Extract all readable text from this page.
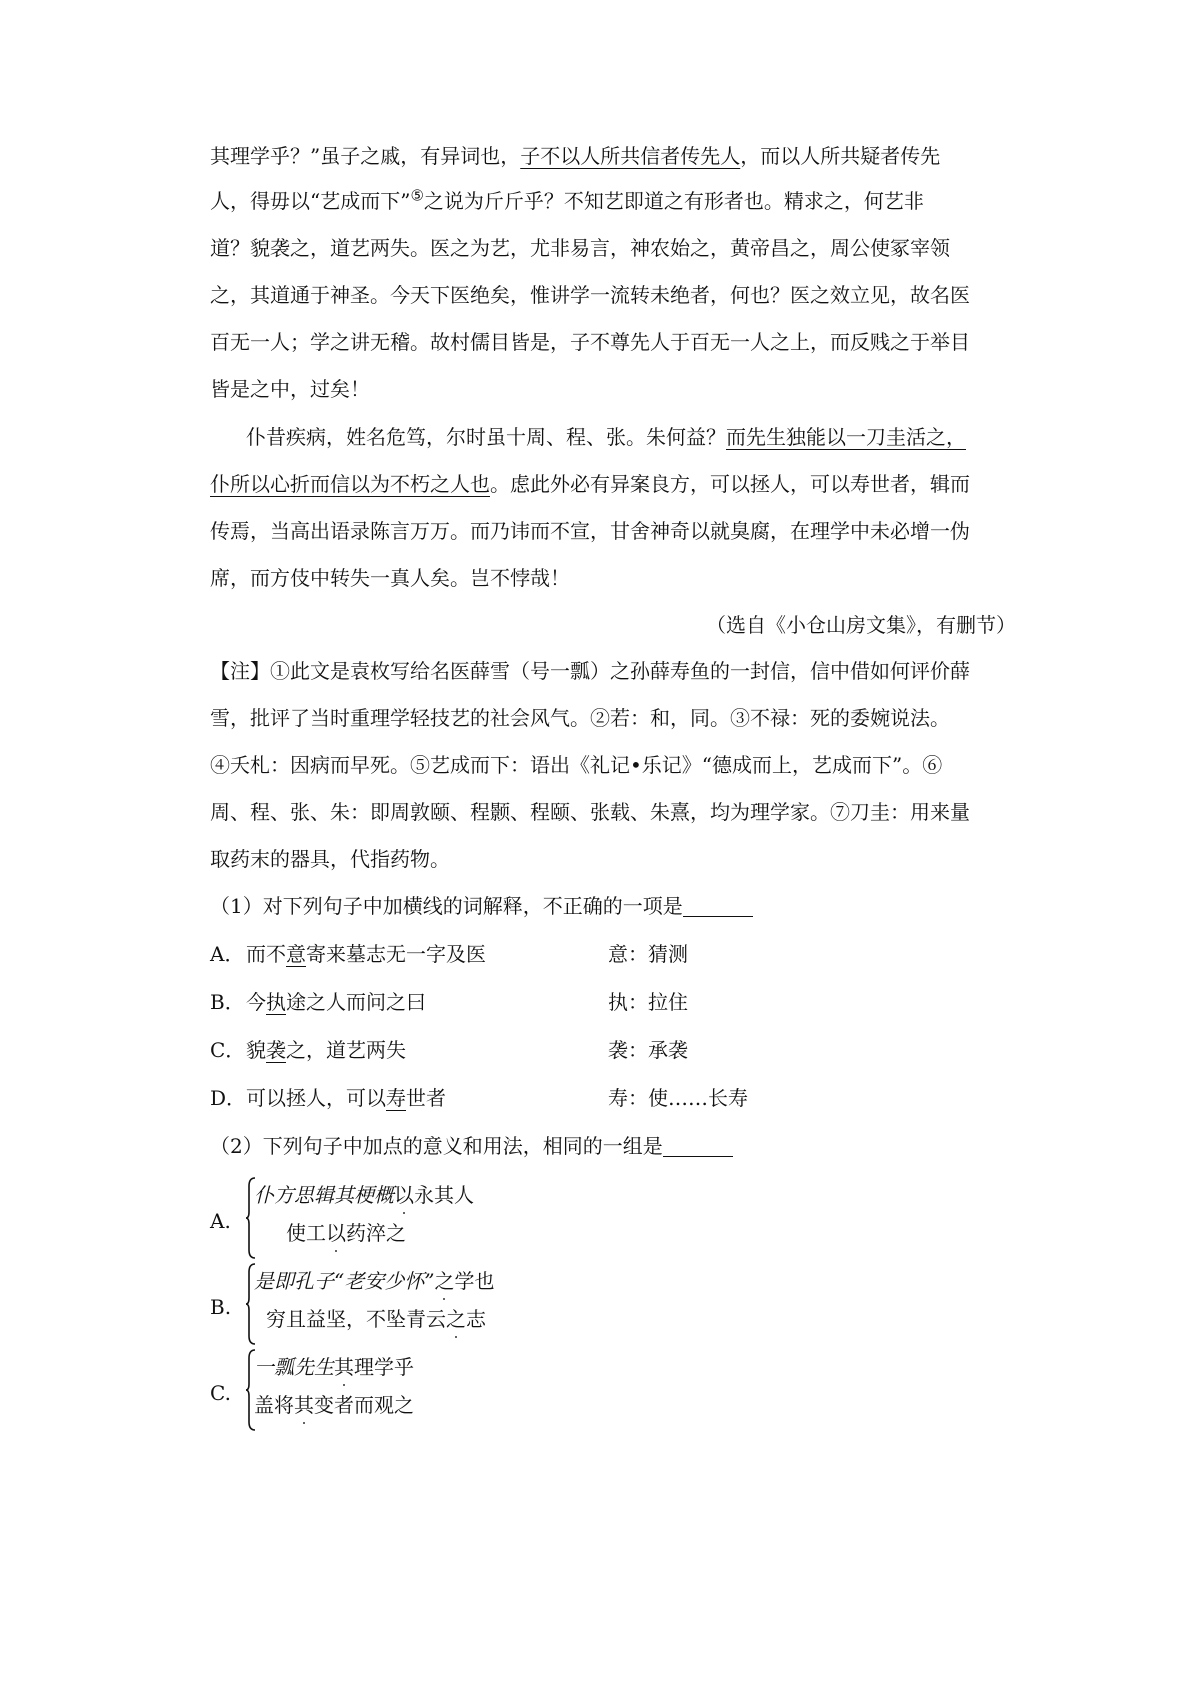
其理学乎？”虽子之戚，有异词也，子不以人所共信者传先人，而以人所共疑者传先
人，得毋以“艺成而下”⑤之说为斤斤乎？不知艺即道之有形者也。精求之，何艺非
道？貌袭之，道艺两失。医之为艺，尤非易言，神农始之，黄帝昌之，周公使冢宰领
之，其道通于神圣。今天下医绝矣，惟讲学一流转未绝者，何也？医之效立见，故名医
百无一人；学之讲无稽。故村儒目皆是，子不尊先人于百无一人之上，而反贱之于举目
皆是之中，过矣！
仆昔疾病，姓名危笃，尔时虽十周、程、张。朱何益？而先生独能以一刀圭活之，
仆所以心折而信以为不朽之人也。虑此外必有异案良方，可以拯人，可以寿世者，辑而
传焉，当高出语录陈言万万。而乃讳而不宣，甘舍神奇以就臭腐，在理学中未必增一伪
席，而方伎中转失一真人矣。岂不悖哉！
（选自《小仓山房文集》，有删节）
【注】①此文是袁枚写给名医薛雪（号一瓢）之孙薛寿鱼的一封信，信中借如何评价薛
雪，批评了当时重理学轻技艺的社会风气。②若：和，同。③不禄：死的委婉说法。
④夭札：因病而早死。⑤艺成而下：语出《礼记•乐记》“德成而上，艺成而下”。⑥
周、程、张、朱：即周敦颐、程颢、程颐、张载、朱熹，均为理学家。⑦刀圭：用来量
取药末的器具，代指药物。
（1）对下列句子中加横线的词解释，不正确的一项是
A． 而不意寄来墓志无一字及医	意：猜测
B． 今执途之人而问之曰	执：拉住
C． 貌袭之，道艺两失	袭：承袭
D． 可以拯人，可以寿世者	寿：使……长寿
（2）下列句子中加点的意义和用法，相同的一组是
A.
仆方思辑其梗概以永其人
使工以药淬之
B.
是即孔子“老安少怀”之学也
穷且益坚，不坠青云之志
C.
一瓢先生其理学乎
盖将其变者而观之
